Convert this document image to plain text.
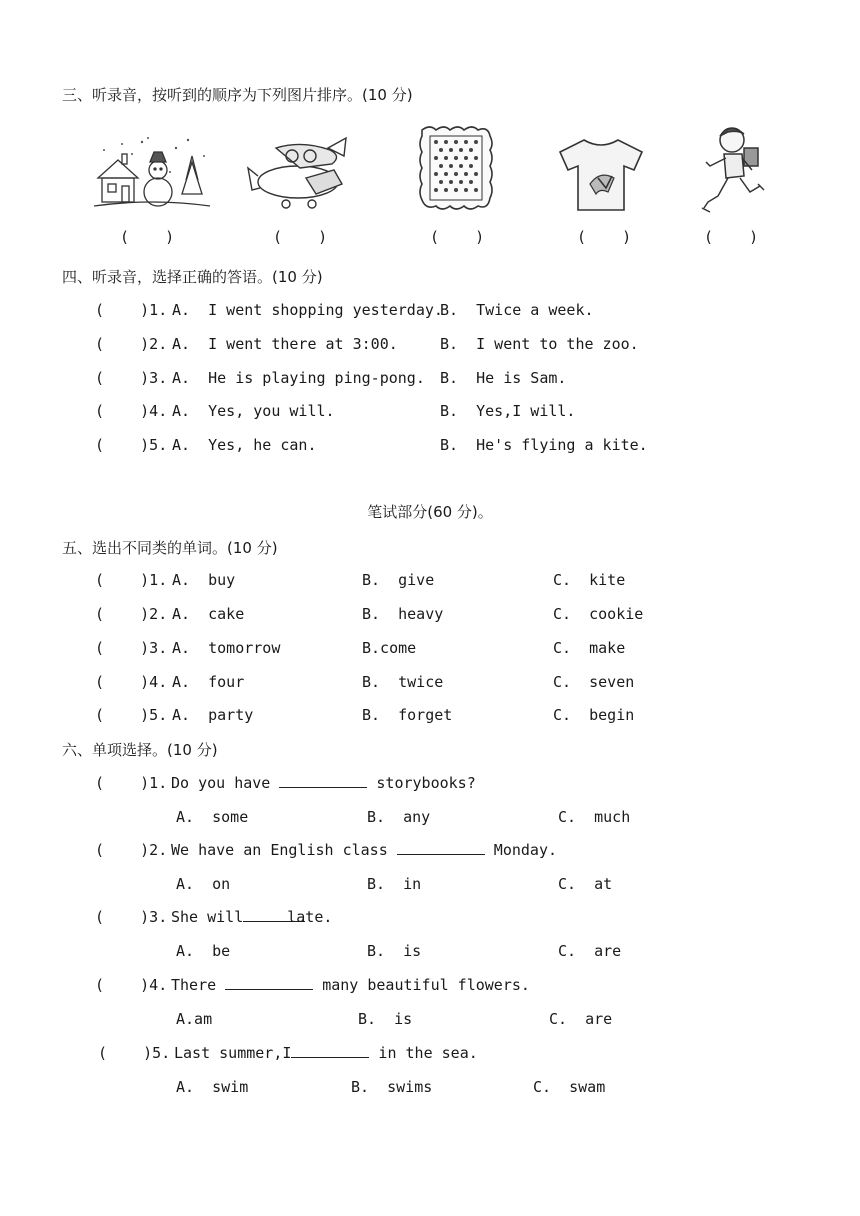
三、听录音，按听到的顺序为下列图片排序。(10 分)
(    )	(    )	(    )	(    )	(    )
四、听录音，选择正确的答语。(10 分)

(    )1.

A.  I went shopping yesterday.

B.  Twice a week.

(    )2.

A.  I went there at 3:00.

	B.  I went to the zoo.

(    )3.

A.  He is playing ping-pong.

B.  He is Sam.

(    )4.

A.  Yes, you will.

	B.  Yes,I will.

(    )5.

A.  Yes, he can.

	B.  He's flying a kite.

笔试部分(60 分)。
五、选出不同类的单词。(10 分)

(    )1.

A.  buy

	B.  give

	C.  kite

(    )2.

A.  cake

	B.  heavy

	C.  cookie

(    )3.

A.  tomorrow

	B.come

	C.  make

(    )4.

A.  four

	B.  twice

	C.  seven

(    )5.

A.  party

	B.  forget

	C.  begin

六、单项选择。(10 分)

(    )1.

Do you have	storybooks?

A.  some

	B.  any

	C.  much

(    )2.

We have an English class	Monday.

A.  on

	B.  in

	C.  at

(    )3.

She will	late.

A.  be

	B.  is

	C.  are

(    )4.

There	many beautiful flowers.

A.am

	B.  is

	C.  are

(    )5.

Last summer,I	in the sea.

A.  swim

	B.  swims

	C.  swam
